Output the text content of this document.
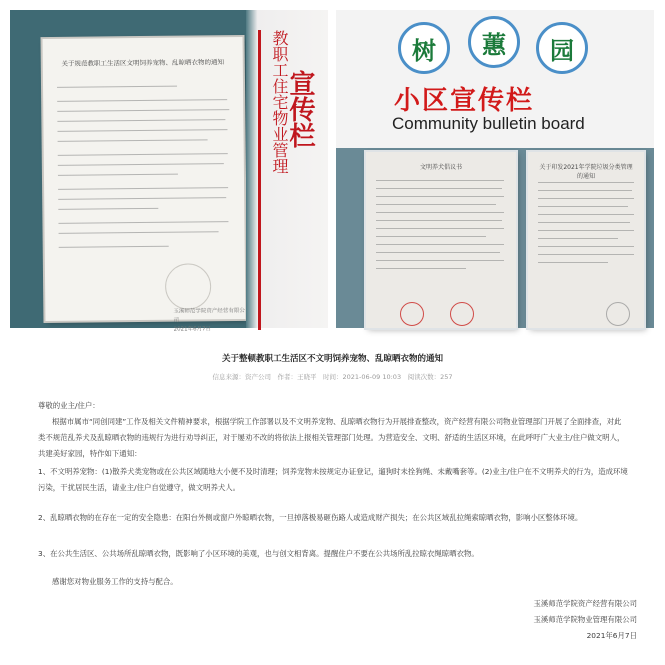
关于规范教职工生活区文明饲养宠物、乱晾晒衣物的通知
玉溪师范学院资产经营有限公司
2021年6月7日
宣传栏
教职工住宅物业管理	树	蕙	园
小区宣传栏
Community bulletin board
文明养犬倡议书	关于印发2021年学院垃圾分类管理的通知
关于整顿教职工生活区不文明饲养宠物、乱晾晒衣物的通知
信息来源：资产公司　作者：王晓平　时间：2021-06-09 10:03　阅读次数：257
尊敬的业主/住户：
根据市属市“同创同建”工作及相关文件精神要求，根据学院工作部署以及不文明养宠物、乱晾晒衣物行为开展排查整改，资产经营有限公司物业管理部门开展了全面排查，对此类不规范乱养犬及乱晾晒衣物的违规行为进行劝导纠正，对于屡劝不改的将依法上报相关管理部门处理。为营造安全、文明、舒适的生活区环境，在此呼吁广大业主/住户做文明人，共建美好家园，特作如下通知：
1、不文明养宠物：(1)散养犬类宠物或在公共区域随地大小便不及时清理；饲养宠物未按规定办证登记，遛狗时未拴狗绳、未戴嘴套等。(2)业主/住户在不文明养犬的行为，造成环境污染，干扰居民生活，请业主/住户自觉遵守，做文明养犬人。
2、乱晾晒衣物的在存在一定的安全隐患：在阳台外侧或窗户外晾晒衣物，一旦掉落极易砸伤路人或造成财产损失；在公共区域乱拉绳索晾晒衣物，影响小区整体环境。
3、在公共生活区、公共场所乱晾晒衣物，既影响了小区环境的美观，也与创文相背离。提醒住户不要在公共场所乱拉晾衣绳晾晒衣物。
感谢您对物业服务工作的支持与配合。
玉溪师范学院资产经营有限公司
玉溪师范学院物业管理有限公司
2021年6月7日
